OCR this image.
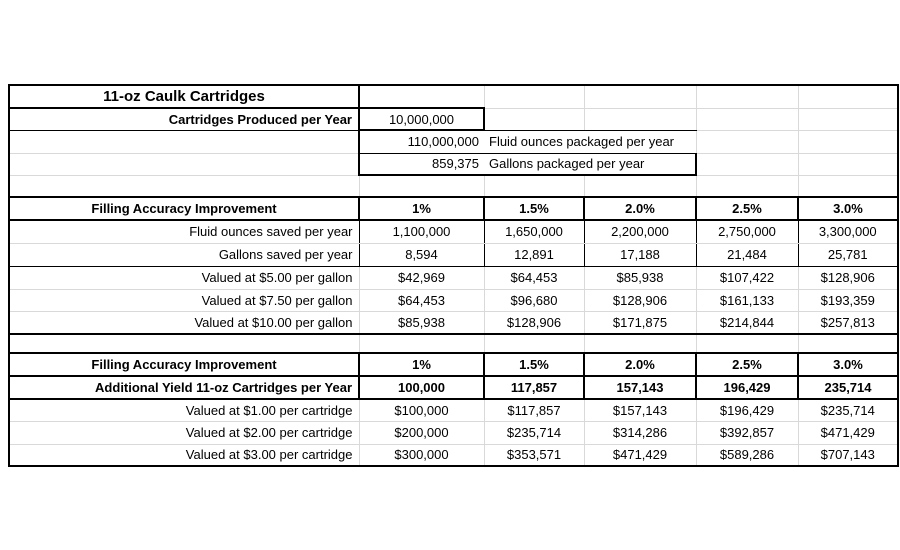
11-oz Caulk Cartridges					
Cartridges Produced per Year	10,000,000				
	110,000,000	Fluid ounces packaged per year			
	859,375	Gallons packaged per year			

Filling Accuracy Improvement	1%	1.5%	2.0%	2.5%	3.0%
Fluid ounces saved per year	1,100,000	1,650,000	2,200,000	2,750,000	3,300,000
Gallons saved per year	8,594	12,891	17,188	21,484	25,781
Valued at $5.00 per gallon	$42,969	$64,453	$85,938	$107,422	$128,906
Valued at $7.50 per gallon	$64,453	$96,680	$128,906	$161,133	$193,359
Valued at $10.00 per gallon	$85,938	$128,906	$171,875	$214,844	$257,813

Filling Accuracy Improvement	1%	1.5%	2.0%	2.5%	3.0%
Additional Yield 11-oz Cartridges per Year	100,000	117,857	157,143	196,429	235,714
Valued at $1.00 per cartridge	$100,000	$117,857	$157,143	$196,429	$235,714
Valued at $2.00 per cartridge	$200,000	$235,714	$314,286	$392,857	$471,429
Valued at $3.00 per cartridge	$300,000	$353,571	$471,429	$589,286	$707,143
